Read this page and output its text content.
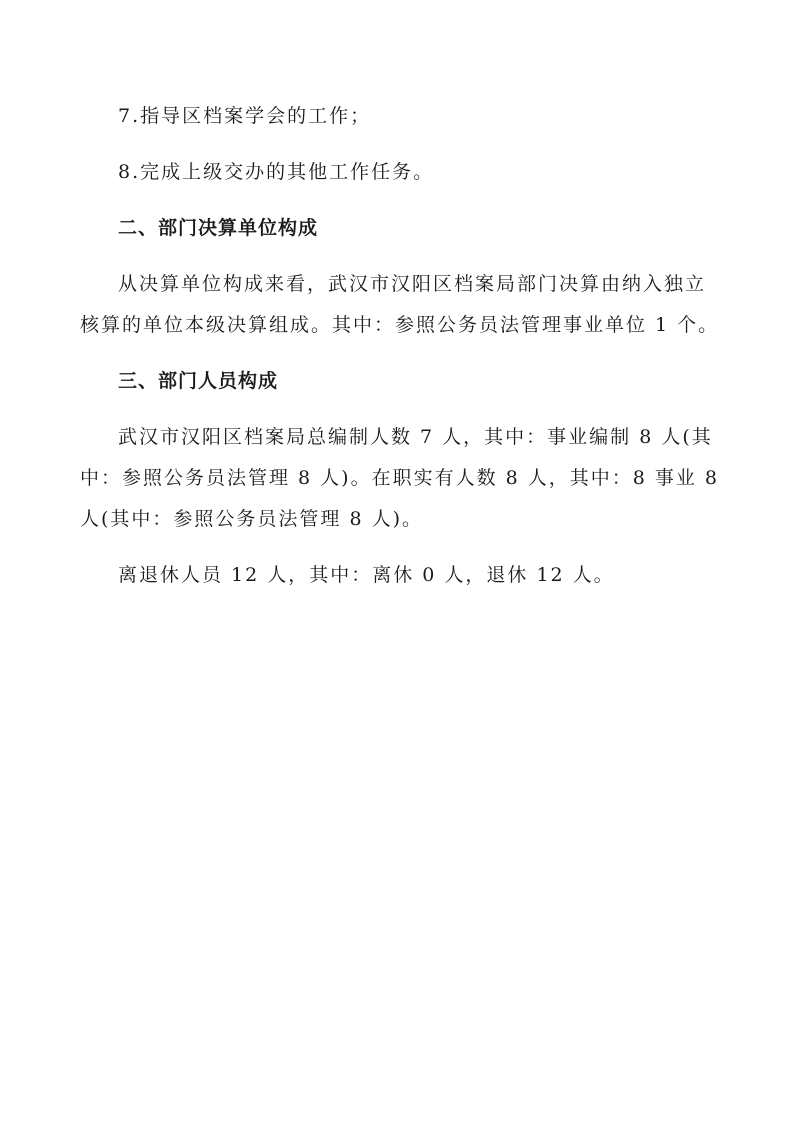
7.指导区档案学会的工作；
8.完成上级交办的其他工作任务。
二、部门决算单位构成
从决算单位构成来看，武汉市汉阳区档案局部门决算由纳入独立
核算的单位本级决算组成。其中：参照公务员法管理事业单位 1 个。
三、部门人员构成
武汉市汉阳区档案局总编制人数 7 人，其中：事业编制 8 人(其
中：参照公务员法管理 8 人)。在职实有人数 8 人，其中：8 事业 8
人(其中：参照公务员法管理 8 人)。
离退休人员 12 人，其中：离休 0 人，退休 12 人。
